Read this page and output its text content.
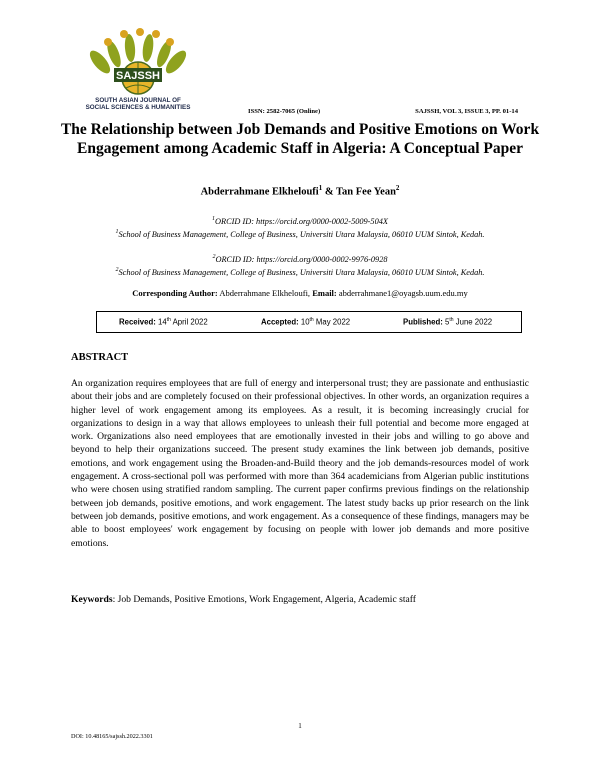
SAJSSH
SOUTH ASIAN JOURNAL OF
SOCIAL SCIENCES & HUMANITIES
ISSN: 2582-7065 (Online)	SAJSSH, VOL 3, ISSUE 3, PP. 01-14
The Relationship between Job Demands and Positive Emotions on Work Engagement among Academic Staff in Algeria: A Conceptual Paper
Abderrahmane Elkheloufi$^1$ & Tan Fee Yean$^2$
$^1$ORCID ID: https://orcid.org/0000-0002-5009-504X
$^1$School of Business Management, College of Business, Universiti Utara Malaysia, 06010 UUM Sintok, Kedah.
$^2$ORCID ID: https://orcid.org/0000-0002-9976-0928
$^2$School of Business Management, College of Business, Universiti Utara Malaysia, 06010 UUM Sintok, Kedah.
Corresponding Author: Abderrahmane Elkheloufi, Email: abderrahmane1@oyagsb.uum.edu.my
Received: 14th April 2022	Accepted: 10th May 2022	Published: 5th June 2022
ABSTRACT
An organization requires employees that are full of energy and interpersonal trust; they are passionate and enthusiastic about their jobs and are completely focused on their professional objectives. In other words, an organization requires a higher level of work engagement among its employees. As a result, it is becoming increasingly crucial for organizations to design in a way that allows employees to unleash their full potential and become more engaged at work. Organizations also need employees that are emotionally invested in their jobs and willing to go above and beyond to help their organizations succeed. The present study examines the link between job demands, positive emotions, and work engagement using the Broaden-and-Build theory and the job demands-resources model of work engagement. A cross-sectional poll was performed with more than 364 academicians from Algerian public institutions who were chosen using stratified random sampling. The current paper confirms previous findings on the relationship between job demands, positive emotions, and work engagement. The latest study backs up prior research on the link between job demands, positive emotions, and work engagement. As a consequence of these findings, managers may be able to boost employees' work engagement by focusing on people with lower job demands and more positive emotions.
Keywords: Job Demands, Positive Emotions, Work Engagement, Algeria, Academic staff
1
DOI: 10.48165/sajssh.2022.3301
